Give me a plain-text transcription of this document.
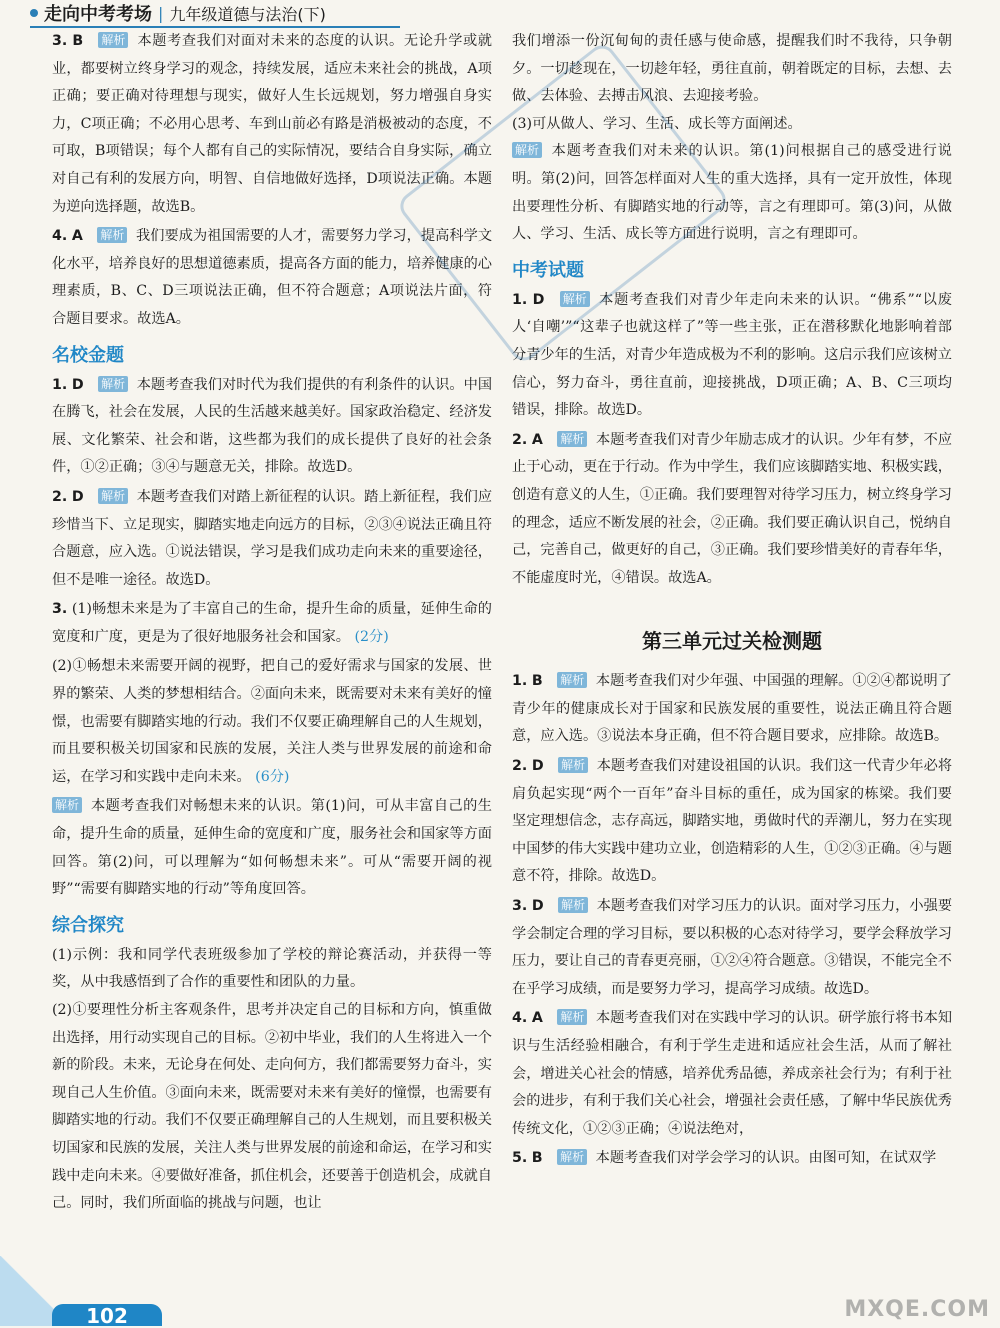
走向中考考场 | 九年级道德与法治(下)

3. B 解析 本题考查我们对面对未来的态度的认识。无论升学或就业，都要树立终身学习的观念，持续发展，适应未来社会的挑战，A项正确；要正确对待理想与现实，做好人生长远规划，努力增强自身实力，C项正确；不必用心思考、车到山前必有路是消极被动的态度，不可取，B项错误；每个人都有自己的实际情况，要结合自身实际，确立对自己有利的发展方向，明智、自信地做好选择，D项说法正确。本题为逆向选择题，故选B。

4. A 解析 我们要成为祖国需要的人才，需要努力学习，提高科学文化水平，培养良好的思想道德素质，提高各方面的能力，培养健康的心理素质，B、C、D三项说法正确，但不符合题意；A项说法片面，符合题目要求。故选A。

名校金题

1. D 解析 本题考查我们对时代为我们提供的有利条件的认识。中国在腾飞，社会在发展，人民的生活越来越美好。国家政治稳定、经济发展、文化繁荣、社会和谐，这些都为我们的成长提供了良好的社会条件，①②正确；③④与题意无关，排除。故选D。

2. D 解析 本题考查我们对踏上新征程的认识。踏上新征程，我们应珍惜当下、立足现实，脚踏实地走向远方的目标，②③④说法正确且符合题意，应入选。①说法错误，学习是我们成功走向未来的重要途径，但不是唯一途径。故选D。

3. (1)畅想未来是为了丰富自己的生命，提升生命的质量，延伸生命的宽度和广度，更是为了很好地服务社会和国家。 (2分)

(2)①畅想未来需要开阔的视野，把自己的爱好需求与国家的发展、世界的繁荣、人类的梦想相结合。②面向未来，既需要对未来有美好的憧憬，也需要有脚踏实地的行动。我们不仅要正确理解自己的人生规划，而且要积极关切国家和民族的发展，关注人类与世界发展的前途和命运，在学习和实践中走向未来。 (6分)

解析 本题考查我们对畅想未来的认识。第(1)问，可从丰富自己的生命，提升生命的质量，延伸生命的宽度和广度，服务社会和国家等方面回答。第(2)问，可以理解为“如何畅想未来”。可从“需要开阔的视野”“需要有脚踏实地的行动”等角度回答。

综合探究

(1)示例：我和同学代表班级参加了学校的辩论赛活动，并获得一等奖，从中我感悟到了合作的重要性和团队的力量。

(2)①要理性分析主客观条件，思考并决定自己的目标和方向，慎重做出选择，用行动实现自己的目标。②初中毕业，我们的人生将进入一个新的阶段。未来，无论身在何处、走向何方，我们都需要努力奋斗，实现自己人生价值。③面向未来，既需要对未来有美好的憧憬，也需要有脚踏实地的行动。我们不仅要正确理解自己的人生规划，而且要积极关切国家和民族的发展，关注人类与世界发展的前途和命运，在学习和实践中走向未来。④要做好准备，抓住机会，还要善于创造机会，成就自己。同时，我们所面临的挑战与问题，也让

我们增添一份沉甸甸的责任感与使命感，提醒我们时不我待，只争朝夕。一切趁现在，一切趁年轻，勇往直前，朝着既定的目标，去想、去做、去体验、去搏击风浪、去迎接考验。

(3)可从做人、学习、生活、成长等方面阐述。

解析 本题考查我们对未来的认识。第(1)问根据自己的感受进行说明。第(2)问，回答怎样面对人生的重大选择，具有一定开放性，体现出要理性分析、有脚踏实地的行动等，言之有理即可。第(3)问，从做人、学习、生活、成长等方面进行说明，言之有理即可。

中考试题

1. D 解析 本题考查我们对青少年走向未来的认识。“佛系”“以废人‘自嘲’”“这辈子也就这样了”等一些主张，正在潜移默化地影响着部分青少年的生活，对青少年造成极为不利的影响。这启示我们应该树立信心，努力奋斗，勇往直前，迎接挑战，D项正确；A、B、C三项均错误，排除。故选D。

2. A 解析 本题考查我们对青少年励志成才的认识。少年有梦，不应止于心动，更在于行动。作为中学生，我们应该脚踏实地、积极实践，创造有意义的人生，①正确。我们要理智对待学习压力，树立终身学习的理念，适应不断发展的社会，②正确。我们要正确认识自己，悦纳自己，完善自己，做更好的自己，③正确。我们要珍惜美好的青春年华，不能虚度时光，④错误。故选A。

第三单元过关检测题

1. B 解析 本题考查我们对少年强、中国强的理解。①②④都说明了青少年的健康成长对于国家和民族发展的重要性，说法正确且符合题意，应入选。③说法本身正确，但不符合题目要求，应排除。故选B。

2. D 解析 本题考查我们对建设祖国的认识。我们这一代青少年必将肩负起实现“两个一百年”奋斗目标的重任，成为国家的栋梁。我们要坚定理想信念，志存高远，脚踏实地，勇做时代的弄潮儿，努力在实现中国梦的伟大实践中建功立业，创造精彩的人生，①②③正确。④与题意不符，排除。故选D。

3. D 解析 本题考查我们对学习压力的认识。面对学习压力，小强要学会制定合理的学习目标，要以积极的心态对待学习，要学会释放学习压力，要让自己的青春更亮丽，①②④符合题意。③错误，不能完全不在乎学习成绩，而是要努力学习，提高学习成绩。故选D。

4. A 解析 本题考查我们对在实践中学习的认识。研学旅行将书本知识与生活经验相融合，有利于学生走进和适应社会生活，从而了解社会，增进关心社会的情感，培养优秀品德，养成亲社会行为；有利于社会的进步，有利于我们关心社会，增强社会责任感，了解中华民族优秀传统文化，①②③正确；④说法绝对，

5. B 解析 本题考查我们对学会学习的认识。由图可知，在试双学

102	MXQE.COM
